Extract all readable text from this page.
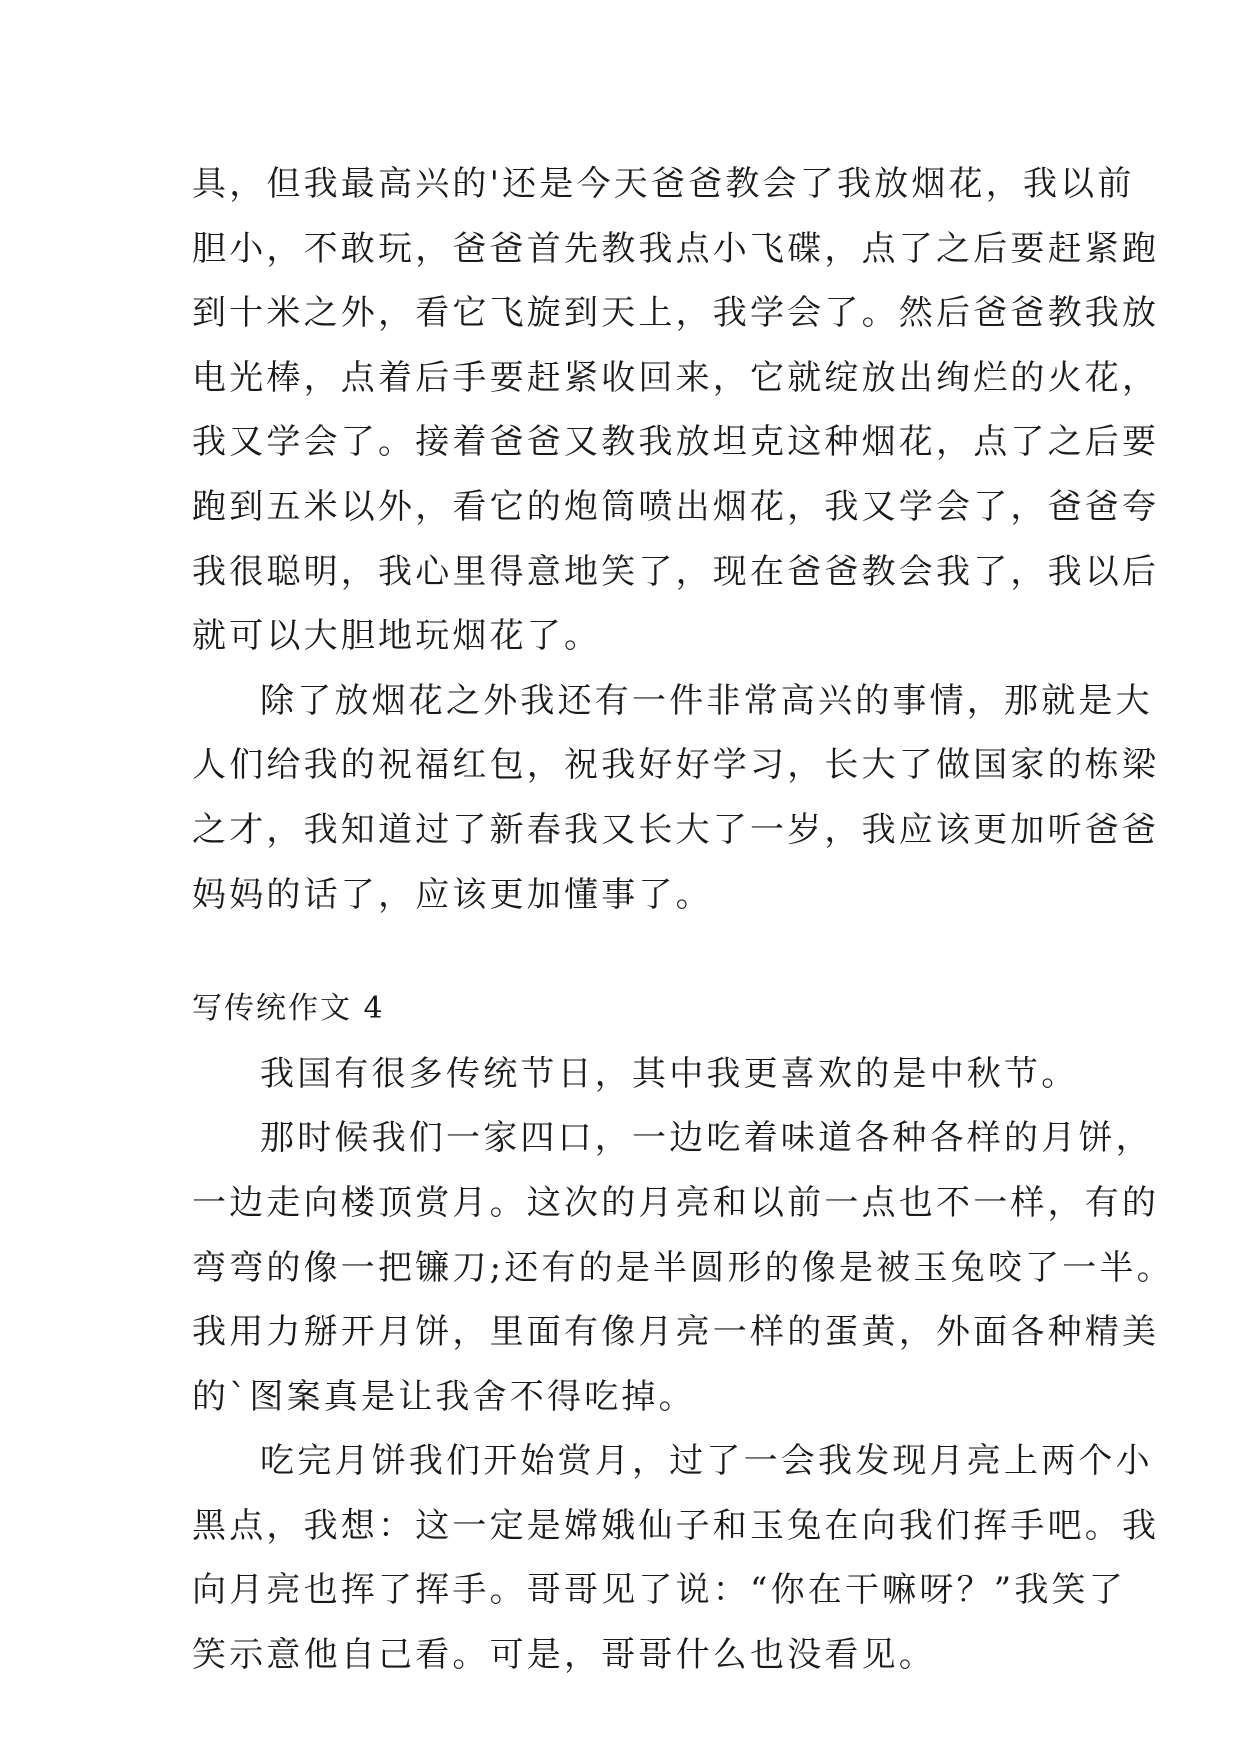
具，但我最高兴的'还是今天爸爸教会了我放烟花，我以前
胆小，不敢玩，爸爸首先教我点小飞碟，点了之后要赶紧跑
到十米之外，看它飞旋到天上，我学会了。然后爸爸教我放
电光棒，点着后手要赶紧收回来，它就绽放出绚烂的火花，
我又学会了。接着爸爸又教我放坦克这种烟花，点了之后要
跑到五米以外，看它的炮筒喷出烟花，我又学会了，爸爸夸
我很聪明，我心里得意地笑了，现在爸爸教会我了，我以后
就可以大胆地玩烟花了。
除了放烟花之外我还有一件非常高兴的事情，那就是大
人们给我的祝福红包，祝我好好学习，长大了做国家的栋梁
之才，我知道过了新春我又长大了一岁，我应该更加听爸爸
妈妈的话了，应该更加懂事了。
写传统作文 4
我国有很多传统节日，其中我更喜欢的是中秋节。
那时候我们一家四口，一边吃着味道各种各样的月饼，
一边走向楼顶赏月。这次的月亮和以前一点也不一样，有的
弯弯的像一把镰刀;还有的是半圆形的像是被玉兔咬了一半。
我用力掰开月饼，里面有像月亮一样的蛋黄，外面各种精美
的`图案真是让我舍不得吃掉。
吃完月饼我们开始赏月，过了一会我发现月亮上两个小
黑点，我想：这一定是嫦娥仙子和玉兔在向我们挥手吧。我
向月亮也挥了挥手。哥哥见了说：“你在干嘛呀？”我笑了
笑示意他自己看。可是，哥哥什么也没看见。
